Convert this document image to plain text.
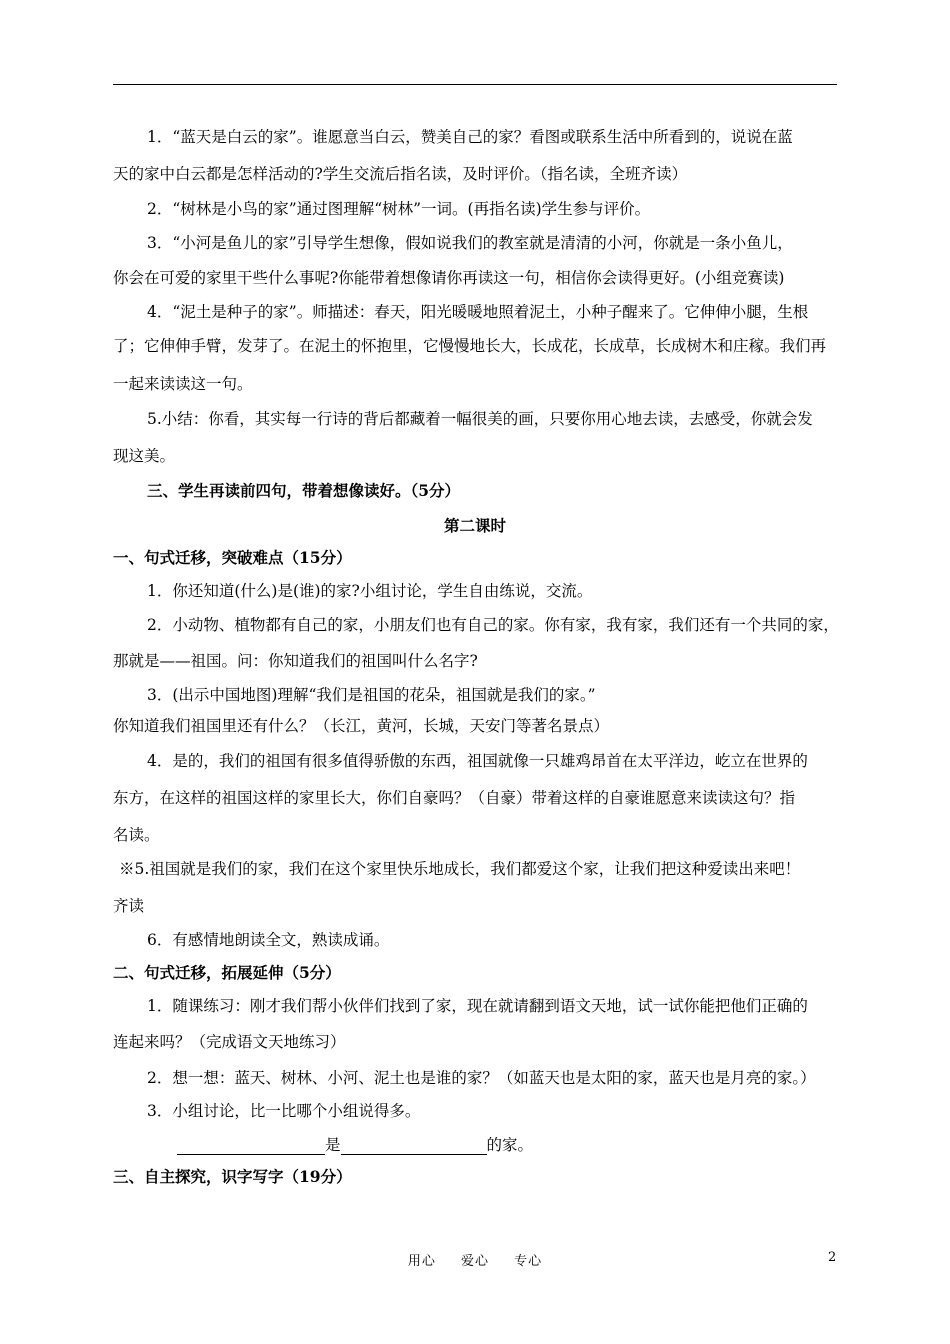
1．“蓝天是白云的家”。谁愿意当白云，赞美自己的家？看图或联系生活中所看到的，说说在蓝
天的家中白云都是怎样活动的?学生交流后指名读，及时评价。（指名读，全班齐读）
2．“树林是小鸟的家”通过图理解“树林”一词。(再指名读)学生参与评价。
3．“小河是鱼儿的家”引导学生想像，假如说我们的教室就是清清的小河，你就是一条小鱼儿，
你会在可爱的家里干些什么事呢?你能带着想像请你再读这一句，相信你会读得更好。(小组竞赛读)
4．“泥土是种子的家”。师描述：春天，阳光暖暖地照着泥土，小种子醒来了。它伸伸小腿，生根
了；它伸伸手臂，发芽了。在泥土的怀抱里，它慢慢地长大，长成花，长成草，长成树木和庄稼。我们再
一起来读读这一句。
5.小结：你看，其实每一行诗的背后都藏着一幅很美的画，只要你用心地去读，去感受，你就会发
现这美。
三、学生再读前四句，带着想像读好。（5分）
第二课时
一、句式迁移，突破难点（15分）
1．你还知道(什么)是(谁)的家?小组讨论，学生自由练说，交流。
2．小动物、植物都有自己的家，小朋友们也有自己的家。你有家，我有家，我们还有一个共同的家，
那就是——祖国。问：你知道我们的祖国叫什么名字?
3．(出示中国地图)理解“我们是祖国的花朵，祖国就是我们的家。”
你知道我们祖国里还有什么？（长江，黄河，长城，天安门等著名景点）
4．是的，我们的祖国有很多值得骄傲的东西，祖国就像一只雄鸡昂首在太平洋边，屹立在世界的
东方，在这样的祖国这样的家里长大，你们自豪吗？（自豪）带着这样的自豪谁愿意来读读这句？指
名读。
※5.祖国就是我们的家，我们在这个家里快乐地成长，我们都爱这个家，让我们把这种爱读出来吧！
齐读
6．有感情地朗读全文，熟读成诵。
二、句式迁移，拓展延伸（5分）
1．随课练习：刚才我们帮小伙伴们找到了家，现在就请翻到语文天地，试一试你能把他们正确的
连起来吗？（完成语文天地练习）
2．想一想：蓝天、树林、小河、泥土也是谁的家？（如蓝天也是太阳的家，蓝天也是月亮的家。）
3．小组讨论，比一比哪个小组说得多。
是	的家。
三、自主探究，识字写字（19分）
用心 爱心 专心	2
